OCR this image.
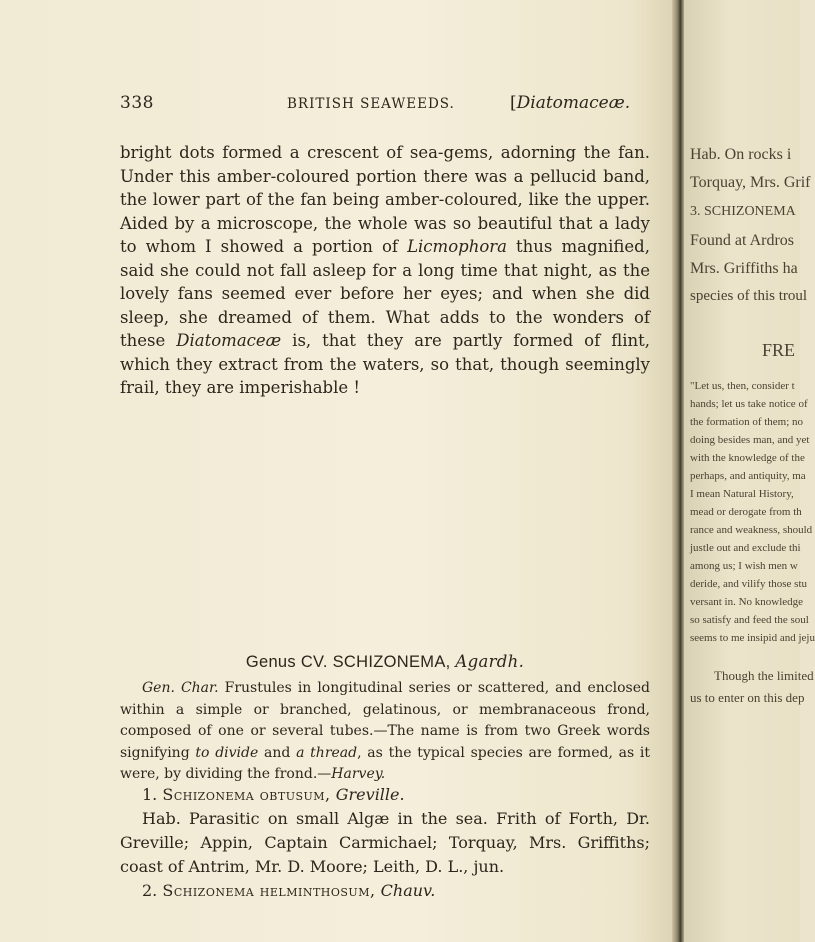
338	BRITISH SEAWEEDS.	[Diatomaceæ.

bright dots formed a crescent of sea-gems, adorning the fan. Under this amber-coloured portion there was a pellucid band, the lower part of the fan being amber-coloured, like the upper. Aided by a microscope, the whole was so beautiful that a lady to whom I showed a portion of Licmophora thus magnified, said she could not fall asleep for a long time that night, as the lovely fans seemed ever before her eyes; and when she did sleep, she dreamed of them. What adds to the wonders of these Diatomaceæ is, that they are partly formed of flint, which they extract from the waters, so that, though seemingly frail, they are imperishable !

Genus CV. SCHIZONEMA, Agardh.

Gen. Char. Frustules in longitudinal series or scattered, and enclosed within a simple or branched, gelatinous, or membranaceous frond, composed of one or several tubes.—The name is from two Greek words signifying to divide and a thread, as the typical species are formed, as it were, by dividing the frond.—Harvey.

1. Schizonema obtusum, Greville.

Hab. Parasitic on small Algæ in the sea. Frith of Forth, Dr. Greville; Appin, Captain Carmichael; Torquay, Mrs. Griffiths; coast of Antrim, Mr. D. Moore; Leith, D. L., jun.

2. Schizonema helminthosum, Chauv.

Hab. On rocks i
Torquay, Mrs. Grif
3. SCHIZONEMA
Found at Ardros
Mrs. Griffiths ha
species of this troul
FRE
"Let us, then, consider t
hands; let us take notice of
the formation of them; no
doing besides man, and yet
with the knowledge of the
perhaps, and antiquity, ma
I mean Natural History,
mead or derogate from th
rance and weakness, should
justle out and exclude thi
among us; I wish men w
deride, and vilify those stu
versant in. No knowledge
so satisfy and feed the soul
seems to me insipid and jeju
Though the limited
us to enter on this dep
